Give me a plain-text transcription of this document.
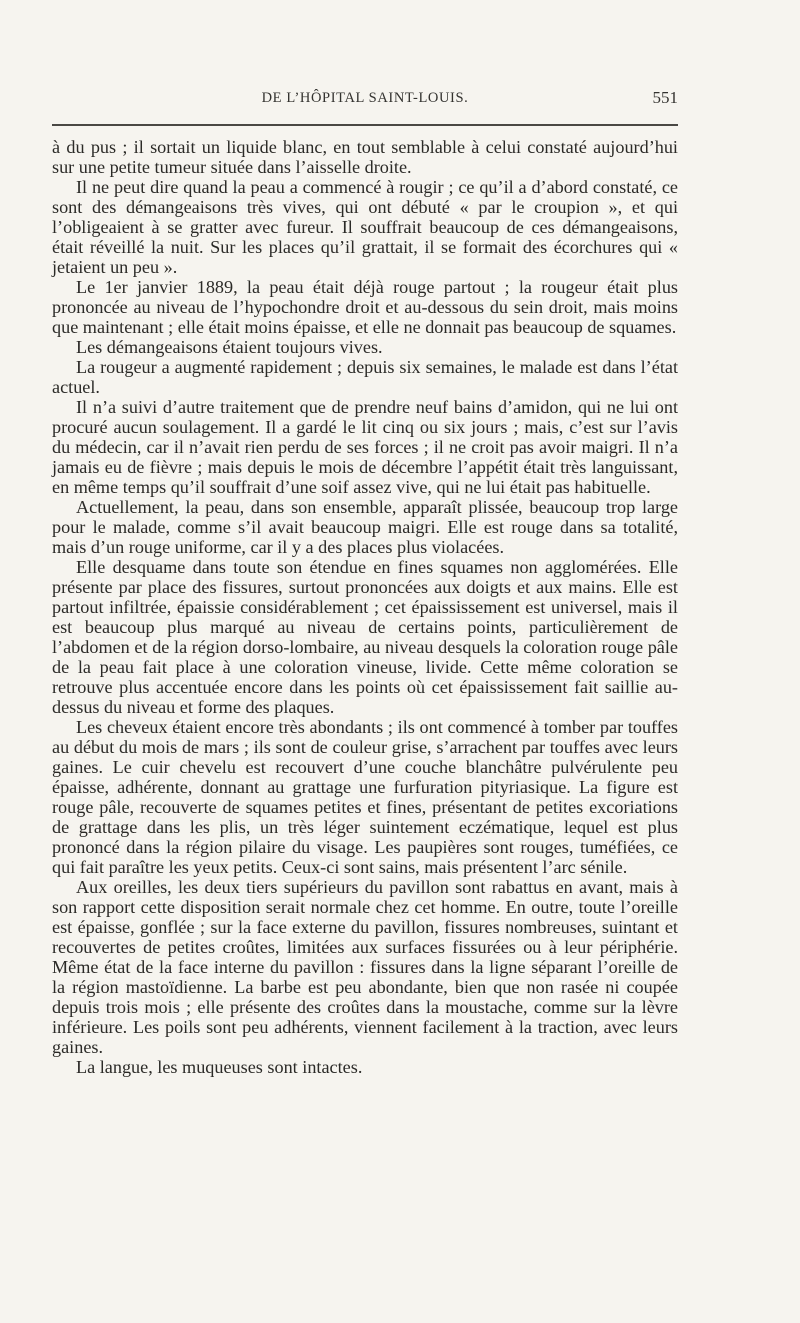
DE L’HÔPITAL SAINT-LOUIS.	551

à du pus ; il sortait un liquide blanc, en tout semblable à celui constaté aujourd’hui sur une petite tumeur située dans l’aisselle droite.

Il ne peut dire quand la peau a commencé à rougir ; ce qu’il a d’abord constaté, ce sont des démangeaisons très vives, qui ont débuté « par le croupion », et qui l’obligeaient à se gratter avec fureur. Il souffrait beaucoup de ces démangeaisons, était réveillé la nuit. Sur les places qu’il grattait, il se formait des écorchures qui « jetaient un peu ».

Le 1er janvier 1889, la peau était déjà rouge partout ; la rougeur était plus prononcée au niveau de l’hypochondre droit et au-dessous du sein droit, mais moins que maintenant ; elle était moins épaisse, et elle ne donnait pas beaucoup de squames.

Les démangeaisons étaient toujours vives.

La rougeur a augmenté rapidement ; depuis six semaines, le malade est dans l’état actuel.

Il n’a suivi d’autre traitement que de prendre neuf bains d’amidon, qui ne lui ont procuré aucun soulagement. Il a gardé le lit cinq ou six jours ; mais, c’est sur l’avis du médecin, car il n’avait rien perdu de ses forces ; il ne croit pas avoir maigri. Il n’a jamais eu de fièvre ; mais depuis le mois de décembre l’appétit était très languissant, en même temps qu’il souffrait d’une soif assez vive, qui ne lui était pas habituelle.

Actuellement, la peau, dans son ensemble, apparaît plissée, beaucoup trop large pour le malade, comme s’il avait beaucoup maigri. Elle est rouge dans sa totalité, mais d’un rouge uniforme, car il y a des places plus violacées.

Elle desquame dans toute son étendue en fines squames non agglomérées. Elle présente par place des fissures, surtout prononcées aux doigts et aux mains. Elle est partout infiltrée, épaissie considérablement ; cet épaississement est universel, mais il est beaucoup plus marqué au niveau de certains points, particulièrement de l’abdomen et de la région dorso-lombaire, au niveau desquels la coloration rouge pâle de la peau fait place à une coloration vineuse, livide. Cette même coloration se retrouve plus accentuée encore dans les points où cet épaississement fait saillie au-dessus du niveau et forme des plaques.

Les cheveux étaient encore très abondants ; ils ont commencé à tomber par touffes au début du mois de mars ; ils sont de couleur grise, s’arrachent par touffes avec leurs gaines. Le cuir chevelu est recouvert d’une couche blanchâtre pulvérulente peu épaisse, adhérente, donnant au grattage une furfuration pityriasique. La figure est rouge pâle, recouverte de squames petites et fines, présentant de petites excoriations de grattage dans les plis, un très léger suintement eczématique, lequel est plus prononcé dans la région pilaire du visage. Les paupières sont rouges, tuméfiées, ce qui fait paraître les yeux petits. Ceux-ci sont sains, mais présentent l’arc sénile.

Aux oreilles, les deux tiers supérieurs du pavillon sont rabattus en avant, mais à son rapport cette disposition serait normale chez cet homme. En outre, toute l’oreille est épaisse, gonflée ; sur la face externe du pavillon, fissures nombreuses, suintant et recouvertes de petites croûtes, limitées aux surfaces fissurées ou à leur périphérie. Même état de la face interne du pavillon : fissures dans la ligne séparant l’oreille de la région mastoïdienne. La barbe est peu abondante, bien que non rasée ni coupée depuis trois mois ; elle présente des croûtes dans la moustache, comme sur la lèvre inférieure. Les poils sont peu adhérents, viennent facilement à la traction, avec leurs gaines.

La langue, les muqueuses sont intactes.
